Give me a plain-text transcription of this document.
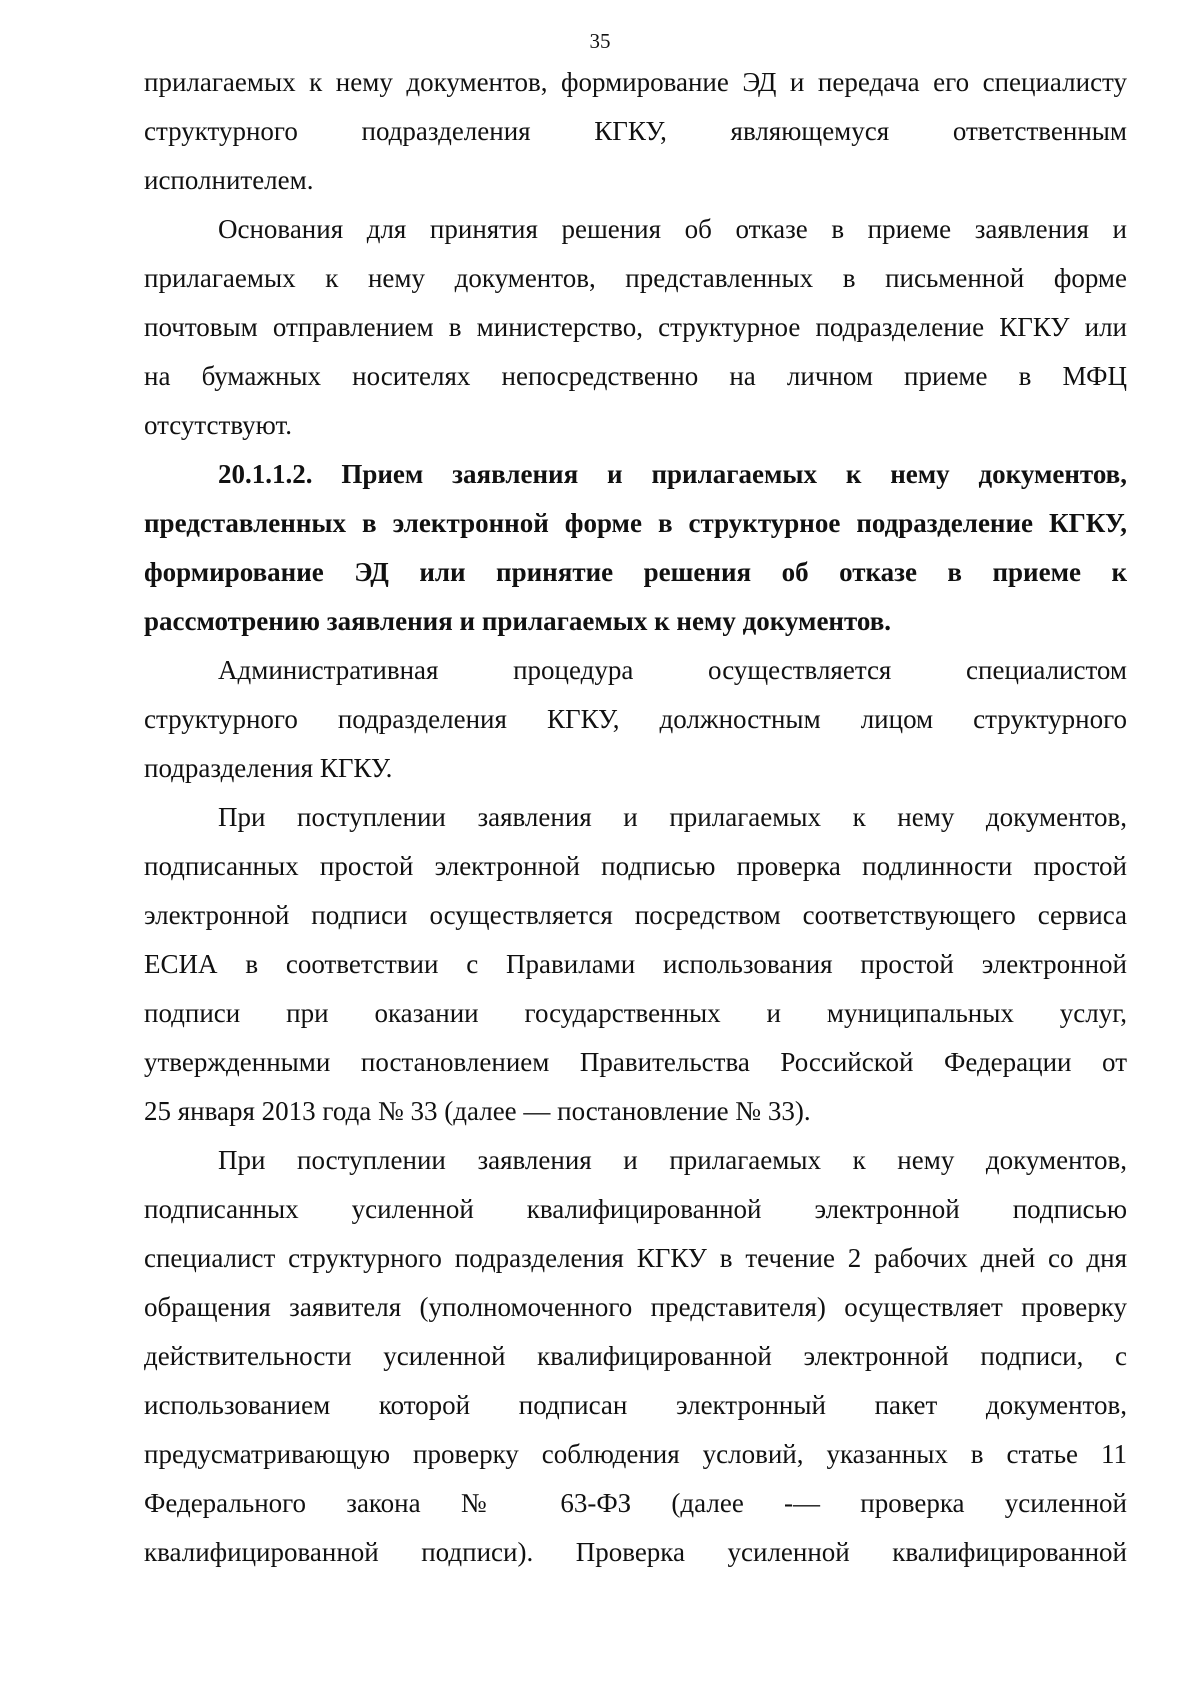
35

прилагаемых к нему документов, формирование ЭД и передача его специалисту
структурного подразделения КГКУ, являющемуся ответственным
исполнителем.

Основания для принятия решения об отказе в приеме заявления и
прилагаемых к нему документов, представленных в письменной форме
почтовым отправлением в министерство, структурное подразделение КГКУ или
на бумажных носителях непосредственно на личном приеме в МФЦ
отсутствуют.

20.1.1.2. Прием заявления и прилагаемых к нему документов,
представленных в электронной форме в структурное подразделение КГКУ,
формирование ЭД или принятие решения об отказе в приеме к
рассмотрению заявления и прилагаемых к нему документов.

Административная процедура осуществляется специалистом
структурного подразделения КГКУ, должностным лицом структурного
подразделения КГКУ.

При поступлении заявления и прилагаемых к нему документов,
подписанных простой электронной подписью проверка подлинности простой
электронной подписи осуществляется посредством соответствующего сервиса
ЕСИА в соответствии с Правилами использования простой электронной
подписи при оказании государственных и муниципальных услуг,
утвержденными постановлением Правительства Российской Федерации от
25 января 2013 года № 33 (далее — постановление № 33).

При поступлении заявления и прилагаемых к нему документов,
подписанных усиленной квалифицированной электронной подписью
специалист структурного подразделения КГКУ в течение 2 рабочих дней со дня
обращения заявителя (уполномоченного представителя) осуществляет проверку
действительности усиленной квалифицированной электронной подписи, с
использованием которой подписан электронный пакет документов,
предусматривающую проверку соблюдения условий, указанных в статье 11
Федерального закона № 63-ФЗ (далее -— проверка усиленной
квалифицированной подписи). Проверка усиленной квалифицированной
